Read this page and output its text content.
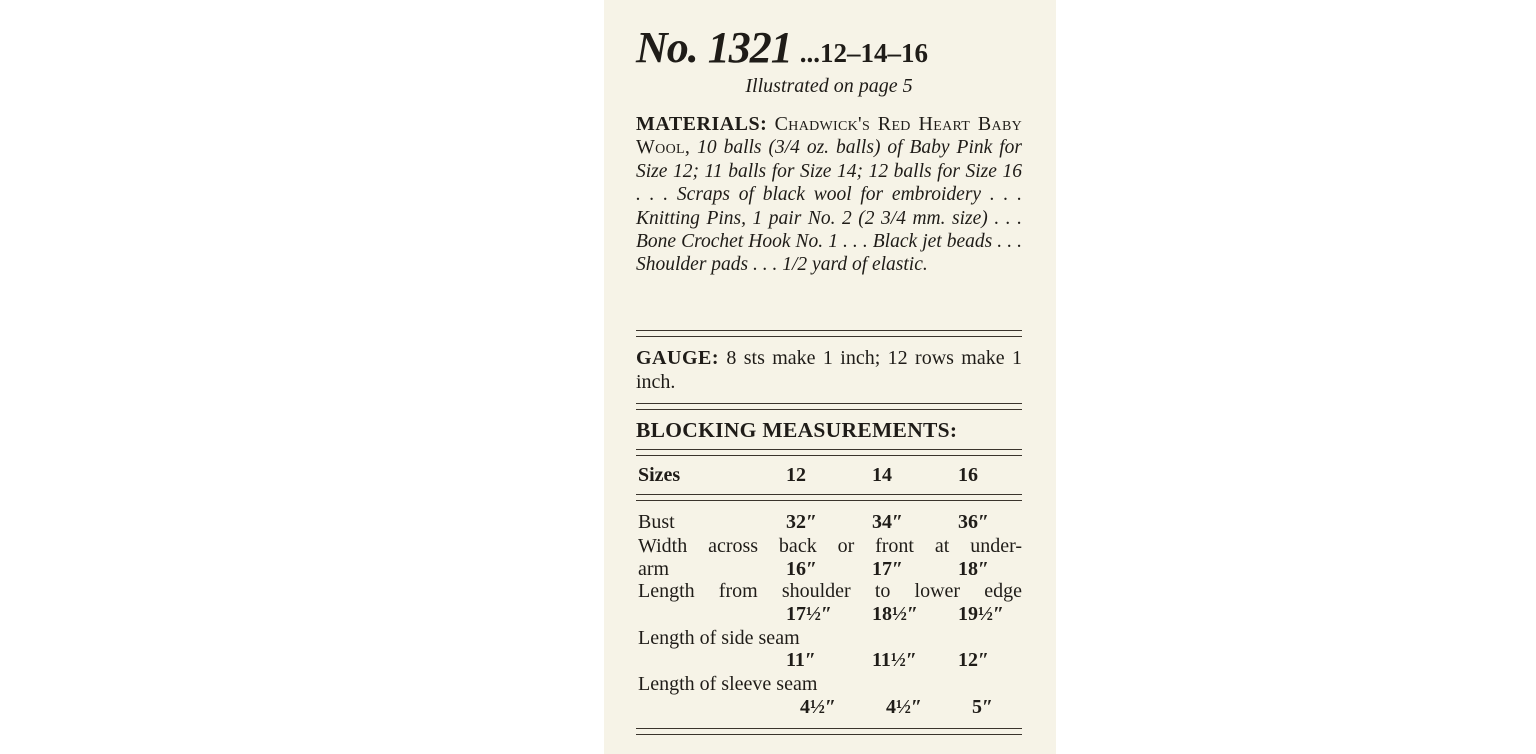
No. 1321 ...12–14–16
Illustrated on page 5
MATERIALS: Chadwick's Red Heart Baby Wool, 10 balls (3/4 oz. balls) of Baby Pink for Size 12; 11 balls for Size 14; 12 balls for Size 16 . . . Scraps of black wool for embroidery . . . Knitting Pins, 1 pair No. 2 (2 3/4 mm. size) . . . Bone Crochet Hook No. 1 . . . Black jet beads . . . Shoulder pads . . . 1/2 yard of elastic.
GAUGE: 8 sts make 1 inch; 12 rows make 1 inch.
BLOCKING MEASUREMENTS:
Sizes	12	14	16
Bust	32″	34″	36″
Width across back or front at under-
arm	16″	17″	18″
Length from shoulder to lower edge
17½″ 18½″ 19½″
Length of side seam
11″	11½″ 12″
Length of sleeve seam
4½″ 4½″ 5″
